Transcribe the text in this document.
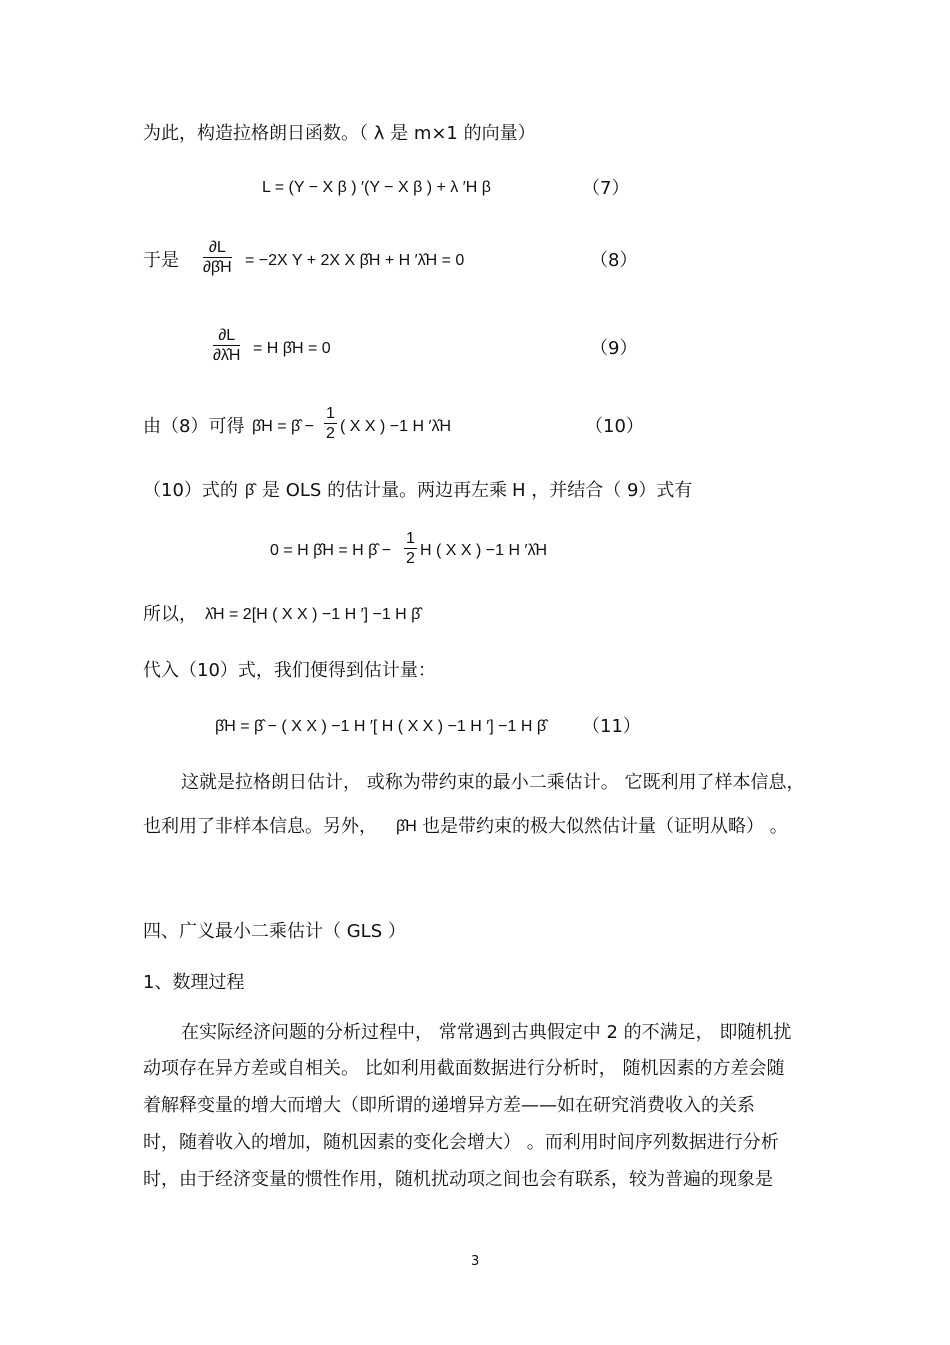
为此，构造拉格朗日函数。（ λ 是 m×1 的向量）
L = (Y − X β ) ′(Y − X β ) + λ ′H β	（7）
于是 $\frac{\partial L}{\partial\betâH} = -2X$ Y + 2X X β̂H + H ′λ̂H = 0	（8）
$\frac{\partial L}{\partial\lambdâH} = H$ β̂H = 0	（9）
由（8）可得 β̂H = β̂ − $\frac{1}{2}$ ( X X ) −1 H ′λ̂H	（10）
（10）式的 β̂ 是 OLS 的估计量。两边再左乘 H ，并结合（ 9）式有
0 = H β̂H = H β̂ − $\frac{1}{2}$ H ( X X ) −1 H ′λ̂H
所以， λ̂H = 2[H ( X X ) −1 H ′] −1 H β̂
代入（10）式，我们便得到估计量：
β̂H = β̂ − ( X X ) −1 H ′[ H ( X X ) −1 H ′] −1 H β̂ （11）
这就是拉格朗日估计， 或称为带约束的最小二乘估计。 它既利用了样本信息，
也利用了非样本信息。另外， β̂H 也是带约束的极大似然估计量（证明从略） 。
四、广义最小二乘估计（ GLS ）
1、数理过程
在实际经济问题的分析过程中， 常常遇到古典假定中 2 的不满足， 即随机扰
动项存在异方差或自相关。 比如利用截面数据进行分析时， 随机因素的方差会随
着解释变量的增大而增大（即所谓的递增异方差——如在研究消费收入的关系
时，随着收入的增加，随机因素的变化会增大） 。而利用时间序列数据进行分析
时，由于经济变量的惯性作用，随机扰动项之间也会有联系，较为普遍的现象是
3
